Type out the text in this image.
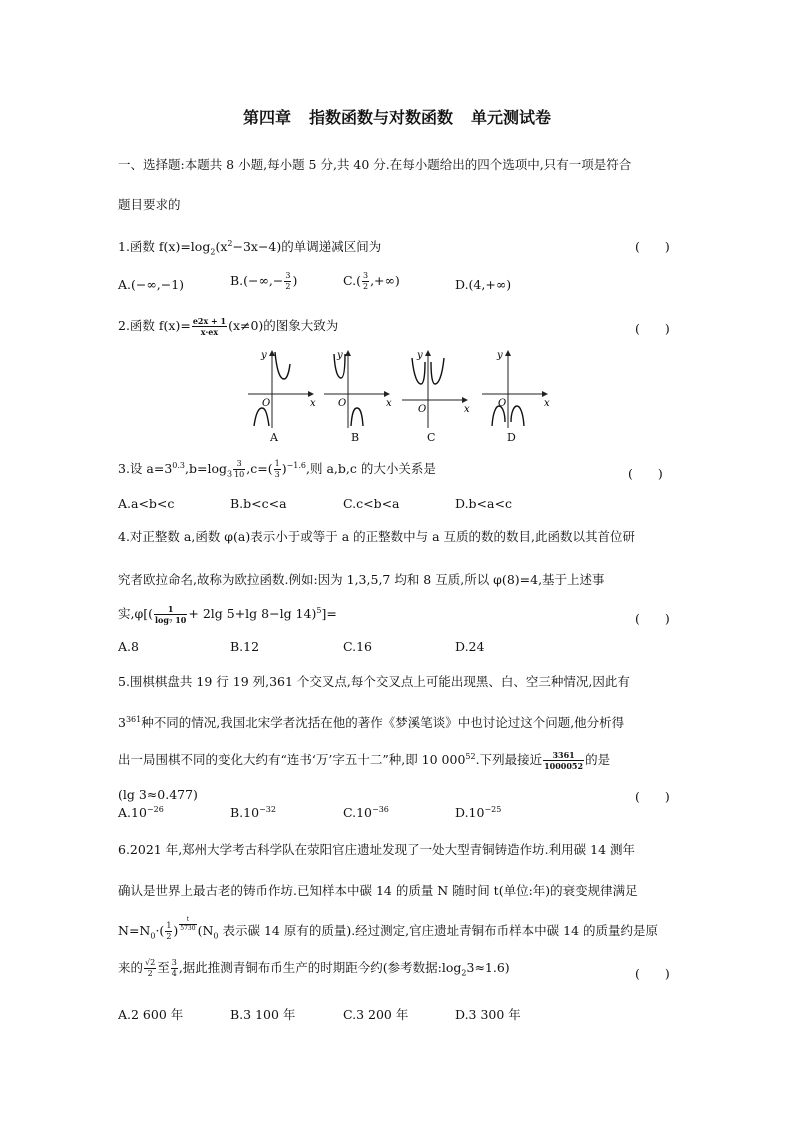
第四章 指数函数与对数函数 单元测试卷
一、选择题:本题共 8 小题,每小题 5 分,共 40 分.在每小题给出的四个选项中,只有一项是符合
题目要求的
1.函数 $f(x)=\log_2(x^2-3x-4)$的单调递减区间为	(　　)
A.(−∞,−1)	$B.(-\infty,- \frac{3}{2}$ )	$C.( \frac{3}{2}$ ,+∞)	D.(4,+∞)
2.函数 $f(x)= \frac{e2x + 1}{x\cdot ex} (x\ne 0)$的图象大致为	(　　)
y
x
O
A
y
x
O
B
y
x
O
C
y
x
O
D
3.设 $a=3^{0.3},b=\log_3 \frac{3}{10} ,c=( \frac{1}{3} )^{-1.6}$,则 a,b,c 的大小关系是	(　　)
A.a<b<c	B.b<c<a	C.c<b<a	D.b<a<c
4.对正整数 a,函数 φ(a)表示小于或等于 a 的正整数中与 a 互质的数的数目,此函数以其首位研
究者欧拉命名,故称为欧拉函数.例如:因为 1,3,5,7 均和 8 互质,所以 φ(8)=4,基于上述事
实$,\varphi[( \frac{1}{\text{log₇ 10}} + 2\lg$ 5+lg 8−lg 14)$^5$]=	(　　)
A.8	B.12	C.16	D.24
5.围棋棋盘共 19 行 19 列,361 个交叉点,每个交叉点上可能出现黑、白、空三种情况,因此有
$3^{361}$种不同的情况,我国北宋学者沈括在他的著作《梦溪笔谈》中也讨论过这个问题,他分析得
出一局围棋不同的变化大约有“连书‘万’字五十二”种,即 10 $000^{52}$.下列最接近 $\frac{3361}{1000052}$ 的是
(lg 3≈0.477)	(　　)
$A.10^{-26}$	$B.10^{-32}$	$C.10^{-36}$	$D.10^{-25}$
6.2021 年,郑州大学考古科学队在荥阳官庄遗址发现了一处大型青铜铸造作坊.利用碳 14 测年
确认是世界上最古老的铸币作坊.已知样本中碳 14 的质量 N 随时间 t(单位:年)的衰变规律满足
$N=N_0\cdot( \frac{1}{2}$ ) $^{\frac{t}{5730}}$ ($N_0$ 表示碳 14 原有的质量).经过测定,官庄遗址青铜布币样本中碳 14 的质量约是原
来的 $\frac{√2}{2}$ 至 $\frac{3}{4}$ ,据此推测青铜布币生产的时期距今约(参考数据$:\log_23\approx 1.6$)	(　　)
A.2 600 年	B.3 100 年	C.3 200 年	D.3 300 年
